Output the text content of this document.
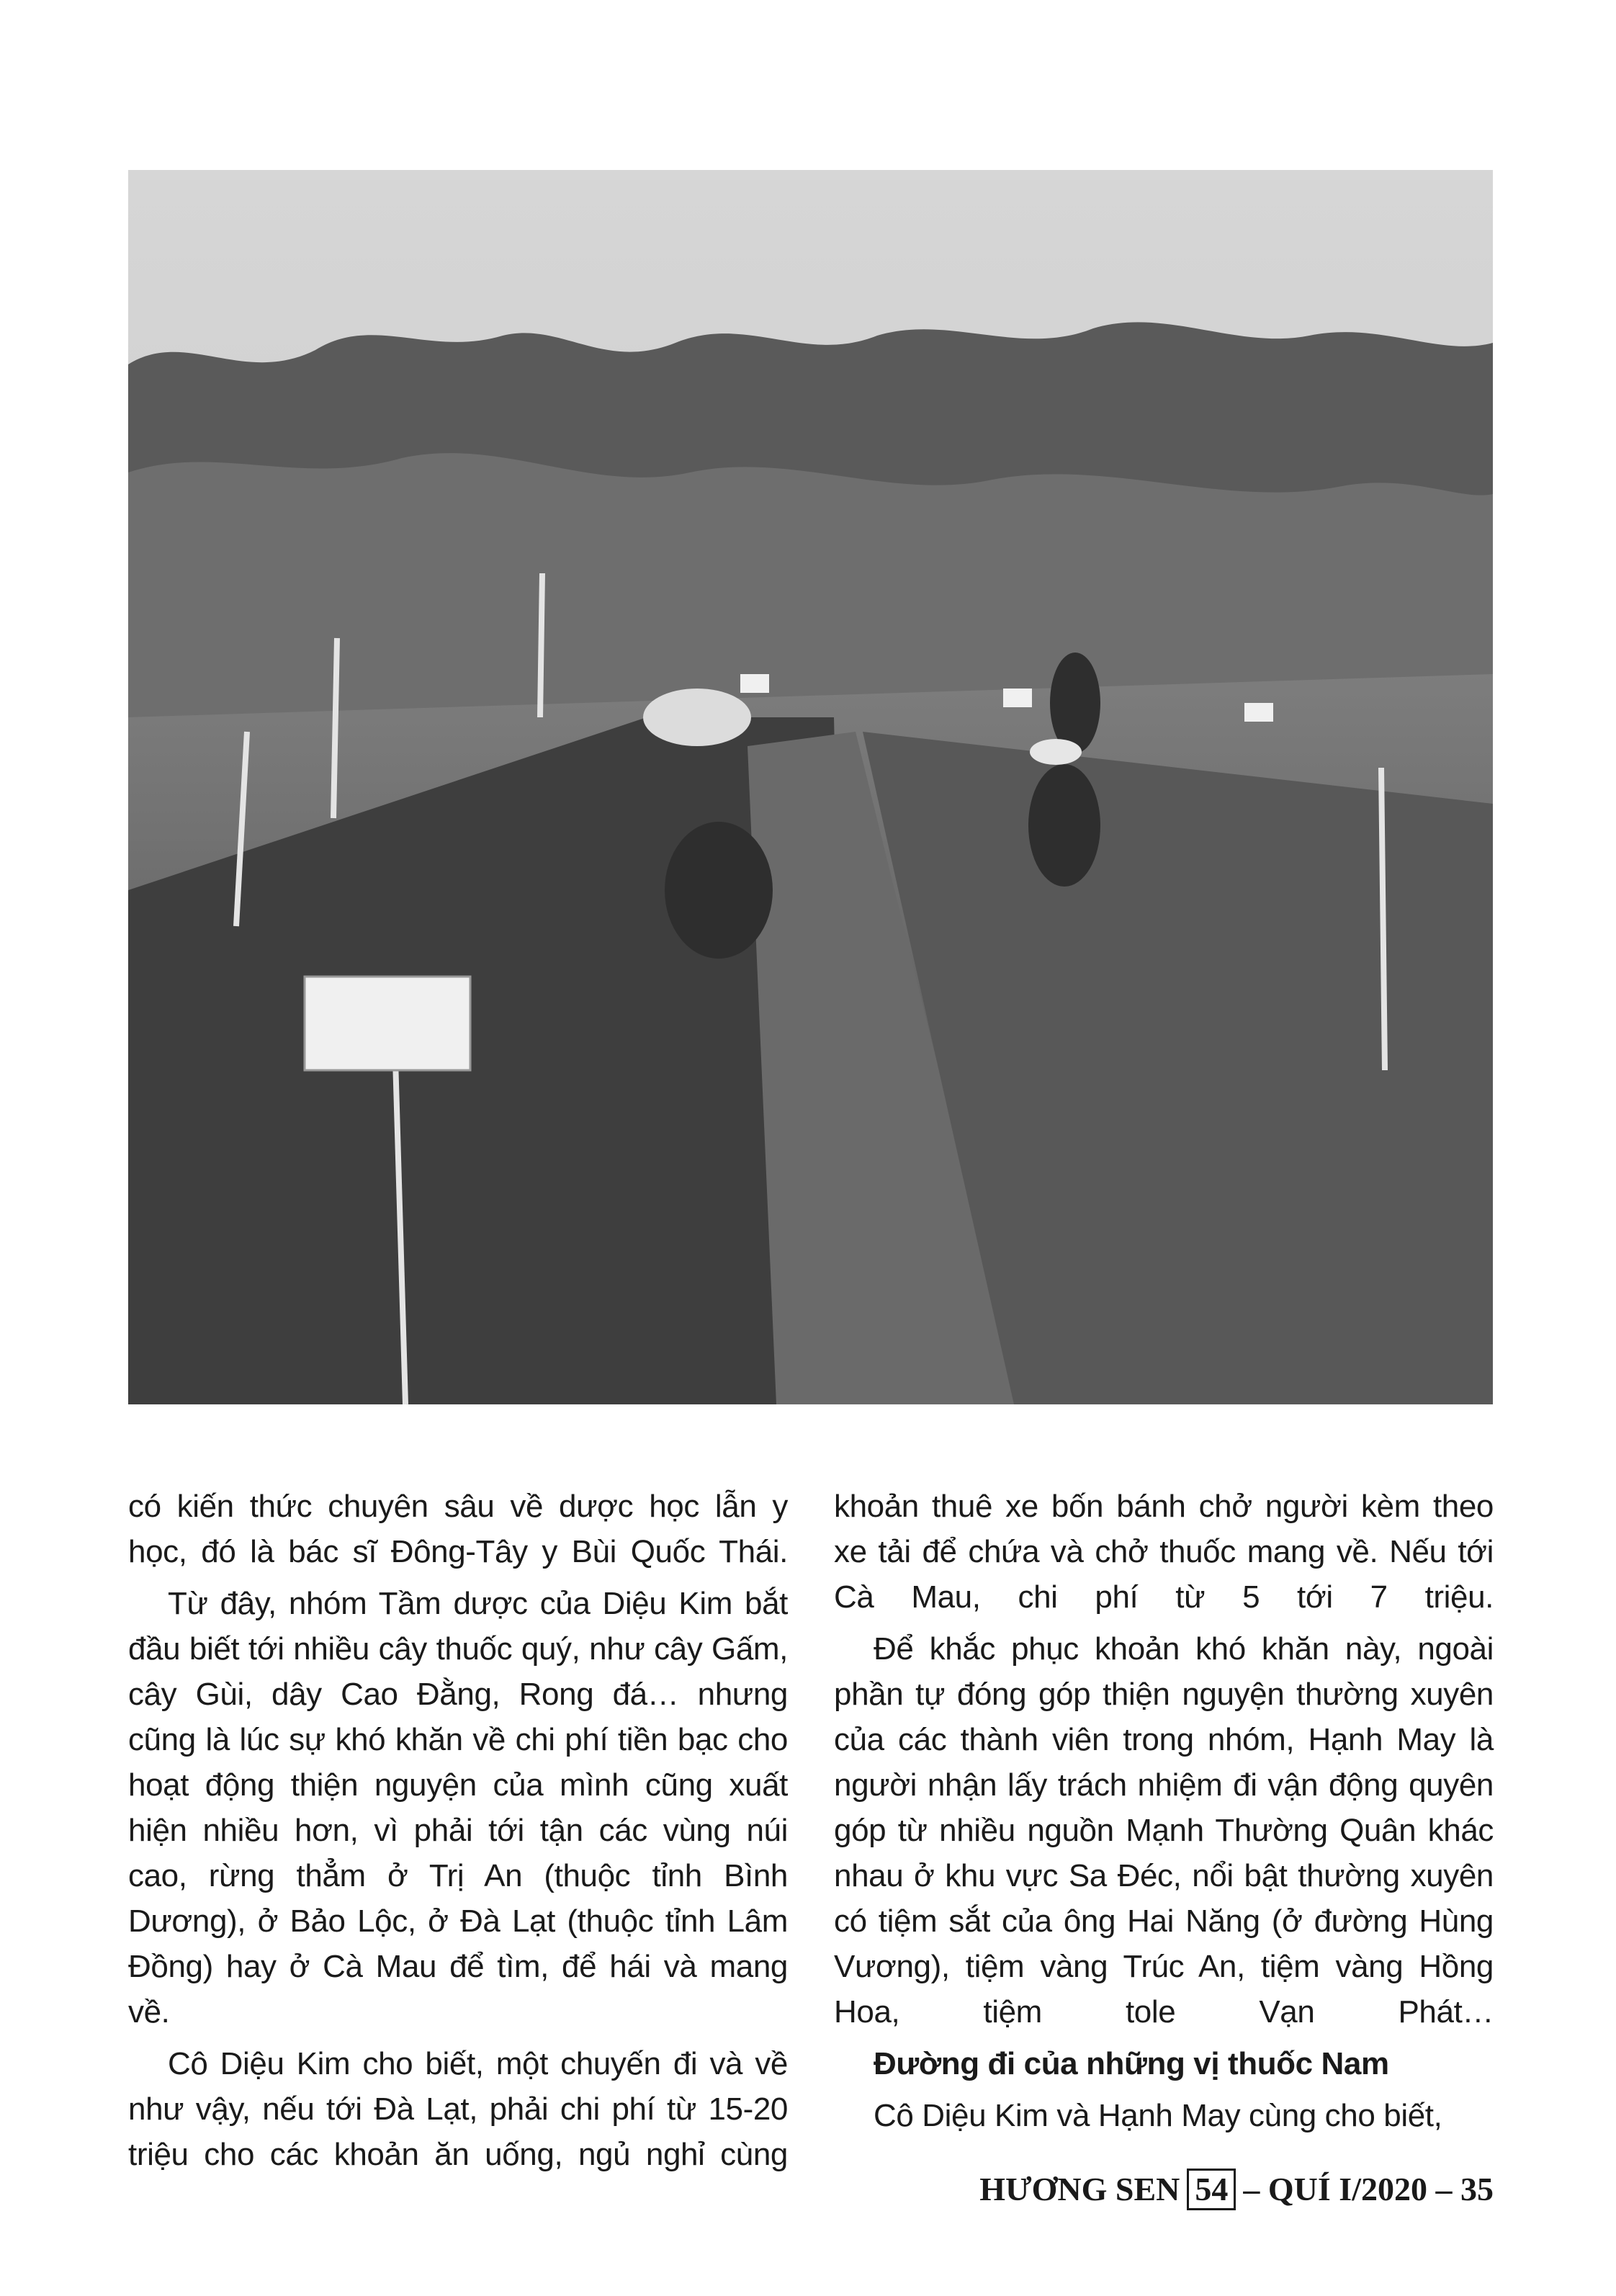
có kiến thức chuyên sâu về dược học lẫn y học, đó là bác sĩ Đông-Tây y Bùi Quốc Thái.

Từ đây, nhóm Tầm dược của Diệu Kim bắt đầu biết tới nhiều cây thuốc quý, như cây Gấm, cây Gùi, dây Cao Đằng, Rong đá… nhưng cũng là lúc sự khó khăn về chi phí tiền bạc cho hoạt động thiện nguyện của mình cũng xuất hiện nhiều hơn, vì phải tới tận các vùng núi cao, rừng thẳm ở Trị An (thuộc tỉnh Bình Dương), ở Bảo Lộc, ở Đà Lạt (thuộc tỉnh Lâm Đồng) hay ở Cà Mau để tìm, để hái và mang về.

Cô Diệu Kim cho biết, một chuyến đi và về như vậy, nếu tới Đà Lạt, phải chi phí từ 15-20 triệu cho các khoản ăn uống, ngủ nghỉ cùng

khoản thuê xe bốn bánh chở người kèm theo xe tải để chứa và chở thuốc mang về. Nếu tới Cà Mau, chi phí từ 5 tới 7 triệu.

Để khắc phục khoản khó khăn này, ngoài phần tự đóng góp thiện nguyện thường xuyên của các thành viên trong nhóm, Hạnh May là người nhận lấy trách nhiệm đi vận động quyên góp từ nhiều nguồn Mạnh Thường Quân khác nhau ở khu vực Sa Đéc, nổi bật thường xuyên có tiệm sắt của ông Hai Năng (ở đường Hùng Vương), tiệm vàng Trúc An, tiệm vàng Hồng Hoa, tiệm tole Vạn Phát…

Đường đi của những vị thuốc Nam

Cô Diệu Kim và Hạnh May cùng cho biết,

HƯƠNG SEN 54 – QUÍ I/2020 –
35
